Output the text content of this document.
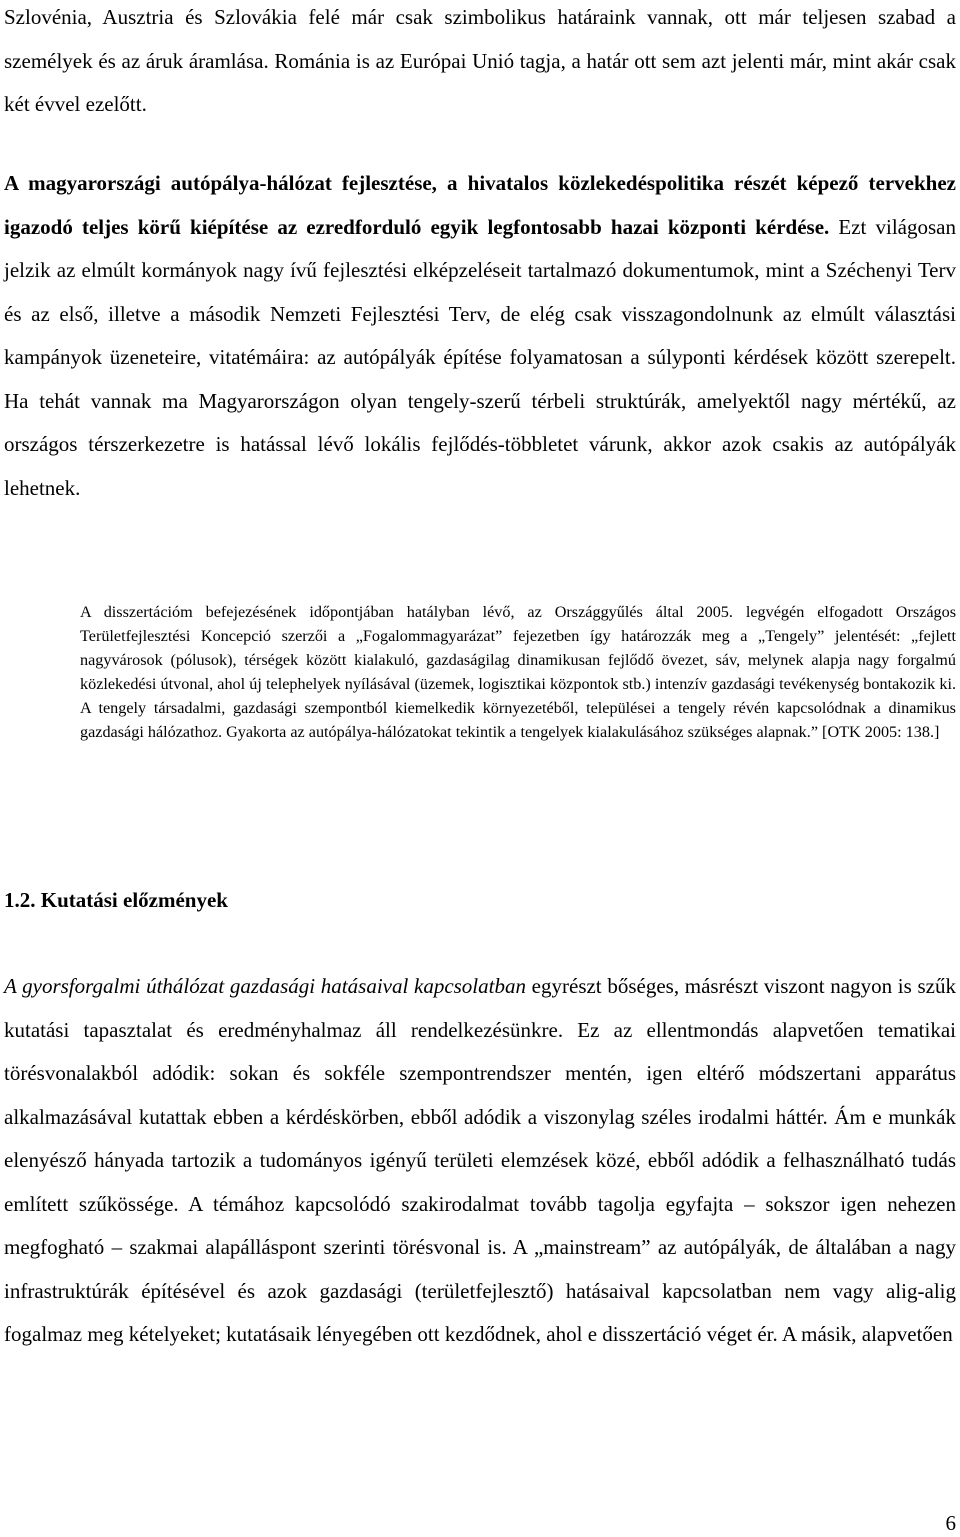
Szlovénia, Ausztria és Szlovákia felé már csak szimbolikus határaink vannak, ott már teljesen szabad a személyek és az áruk áramlása. Románia is az Európai Unió tagja, a határ ott sem azt jelenti már, mint akár csak két évvel ezelőtt.

A magyarországi autópálya-hálózat fejlesztése, a hivatalos közlekedéspolitika részét képező tervekhez igazodó teljes körű kiépítése az ezredforduló egyik legfontosabb hazai központi kérdése. Ezt világosan jelzik az elmúlt kormányok nagy ívű fejlesztési elképzeléseit tartalmazó dokumentumok, mint a Széchenyi Terv és az első, illetve a második Nemzeti Fejlesztési Terv, de elég csak visszagondolnunk az elmúlt választási kampányok üzeneteire, vitatémáira: az autópályák építése folyamatosan a súlyponti kérdések között szerepelt. Ha tehát vannak ma Magyarországon olyan tengely-szerű térbeli struktúrák, amelyektől nagy mértékű, az országos térszerkezetre is hatással lévő lokális fejlődés-többletet várunk, akkor azok csakis az autópályák lehetnek.

A disszertációm befejezésének időpontjában hatályban lévő, az Országgyűlés által 2005. legvégén elfogadott Országos Területfejlesztési Koncepció szerzői a „Fogalommagyarázat” fejezetben így határozzák meg a „Tengely” jelentését: „fejlett nagyvárosok (pólusok), térségek között kialakuló, gazdaságilag dinamikusan fejlődő övezet, sáv, melynek alapja nagy forgalmú közlekedési útvonal, ahol új telephelyek nyílásával (üzemek, logisztikai központok stb.) intenzív gazdasági tevékenység bontakozik ki. A tengely társadalmi, gazdasági szempontból kiemelkedik környezetéből, települései a tengely révén kapcsolódnak a dinamikus gazdasági hálózathoz. Gyakorta az autópálya-hálózatokat tekintik a tengelyek kialakulásához szükséges alapnak.” [OTK 2005: 138.]

1.2. Kutatási előzmények

A gyorsforgalmi úthálózat gazdasági hatásaival kapcsolatban egyrészt bőséges, másrészt viszont nagyon is szűk kutatási tapasztalat és eredményhalmaz áll rendelkezésünkre. Ez az ellentmondás alapvetően tematikai törésvonalakból adódik: sokan és sokféle szempontrendszer mentén, igen eltérő módszertani apparátus alkalmazásával kutattak ebben a kérdéskörben, ebből adódik a viszonylag széles irodalmi háttér. Ám e munkák elenyésző hányada tartozik a tudományos igényű területi elemzések közé, ebből adódik a felhasználható tudás említett szűkössége. A témához kapcsolódó szakirodalmat tovább tagolja egyfajta – sokszor igen nehezen megfogható – szakmai alapálláspont szerinti törésvonal is. A „mainstream” az autópályák, de általában a nagy infrastruktúrák építésével és azok gazdasági (területfejlesztő) hatásaival kapcsolatban nem vagy alig-alig fogalmaz meg kételyeket; kutatásaik lényegében ott kezdődnek, ahol e disszertáció véget ér. A másik, alapvetően

6
